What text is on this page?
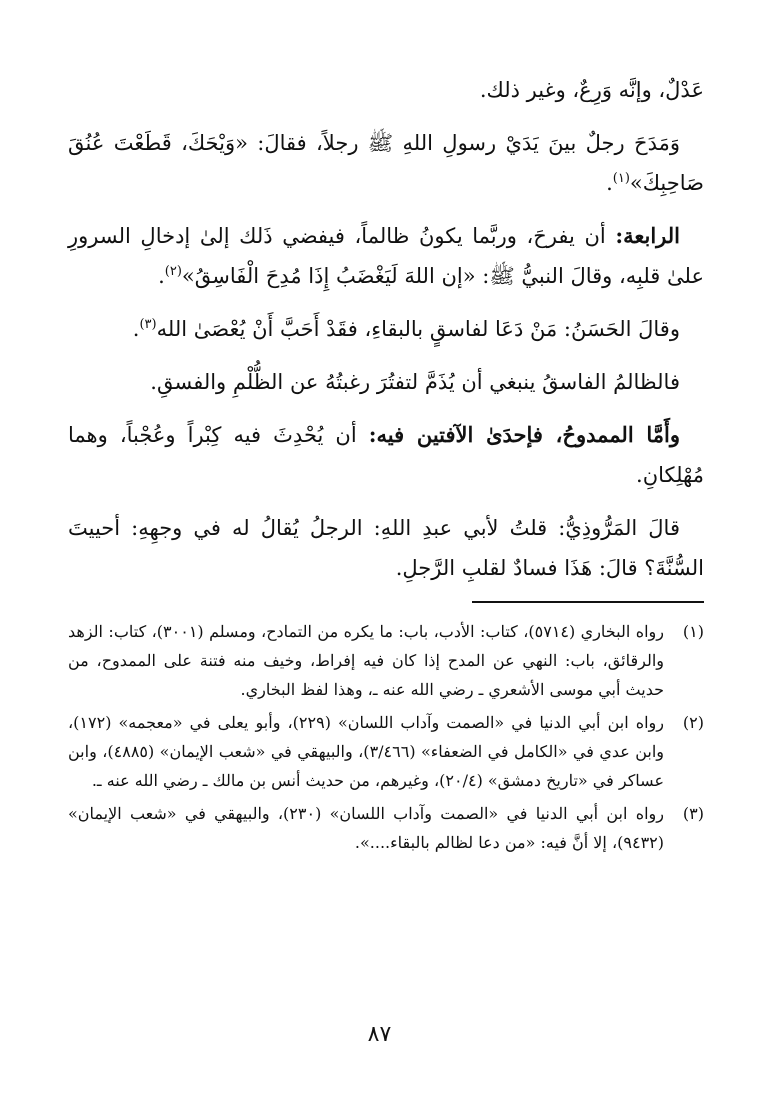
عَدْلٌ، وإنَّه وَرِعٌ، وغير ذلك.

وَمَدَحَ رجلٌ بينَ يَدَيْ رسولِ اللهِ ﷺ رجلاً، فقالَ: «وَيْحَكَ، قَطَعْتَ عُنُقَ صَاحِبِكَ»$^{(١)}$.

الرابعة: أن يفرحَ، وربَّما يكونُ ظالماً، فيفضي ذَلك إلىٰ إدخالِ السرورِ علىٰ قلبِه، وقالَ النبيُّ ﷺ: «إن اللهَ لَيَغْضَبُ إِذَا مُدِحَ الْفَاسِقُ»$^{(٢)}$.

وقالَ الحَسَنُ: مَنْ دَعَا لفاسقٍ بالبقاءِ، فقَدْ أَحَبَّ أَنْ يُعْصَىٰ الله$^{(٣)}$.

فالظالمُ الفاسقُ ينبغي أن يُذَمَّ لتفتُرَ رغبتُهُ عن الظُّلْمِ والفسقِ.

وأَمَّا الممدوحُ، فإحدَىٰ الآفتين فيه: أن يُحْدِثَ فيه كِبْراً وعُجْباً، وهما مُهْلِكانِ.

قالَ المَرُّوذِيُّ: قلتُ لأبي عبدِ اللهِ: الرجلُ يُقالُ له في وجهِهِ: أحييتَ السُّنَّةَ؟ قالَ: هَذَا فسادٌ لقلبِ الرَّجلِ.

(١)
رواه البخاري (٥٧١٤)، كتاب: الأدب، باب: ما يكره من التمادح، ومسلم (٣٠٠١)، كتاب: الزهد والرقائق، باب: النهي عن المدح إذا كان فيه إفراط، وخيف منه فتنة على الممدوح، من حديث أبي موسى الأشعري ـ رضي الله عنه ـ، وهذا لفظ البخاري.
(٢)
رواه ابن أبي الدنيا في «الصمت وآداب اللسان» (٢٢٩)، وأبو يعلى في «معجمه» (١٧٢)، وابن عدي في «الكامل في الضعفاء» (٣/٤٦٦)، والبيهقي في «شعب الإيمان» (٤٨٨٥)، وابن عساكر في «تاريخ دمشق» (٢٠/٤)، وغيرهم، من حديث أنس بن مالك ـ رضي الله عنه ـ.
(٣)
رواه ابن أبي الدنيا في «الصمت وآداب اللسان» (٢٣٠)، والبيهقي في «شعب الإيمان» (٩٤٣٢)، إلا أنَّ فيه: «من دعا لظالم بالبقاء....».
٨٧
